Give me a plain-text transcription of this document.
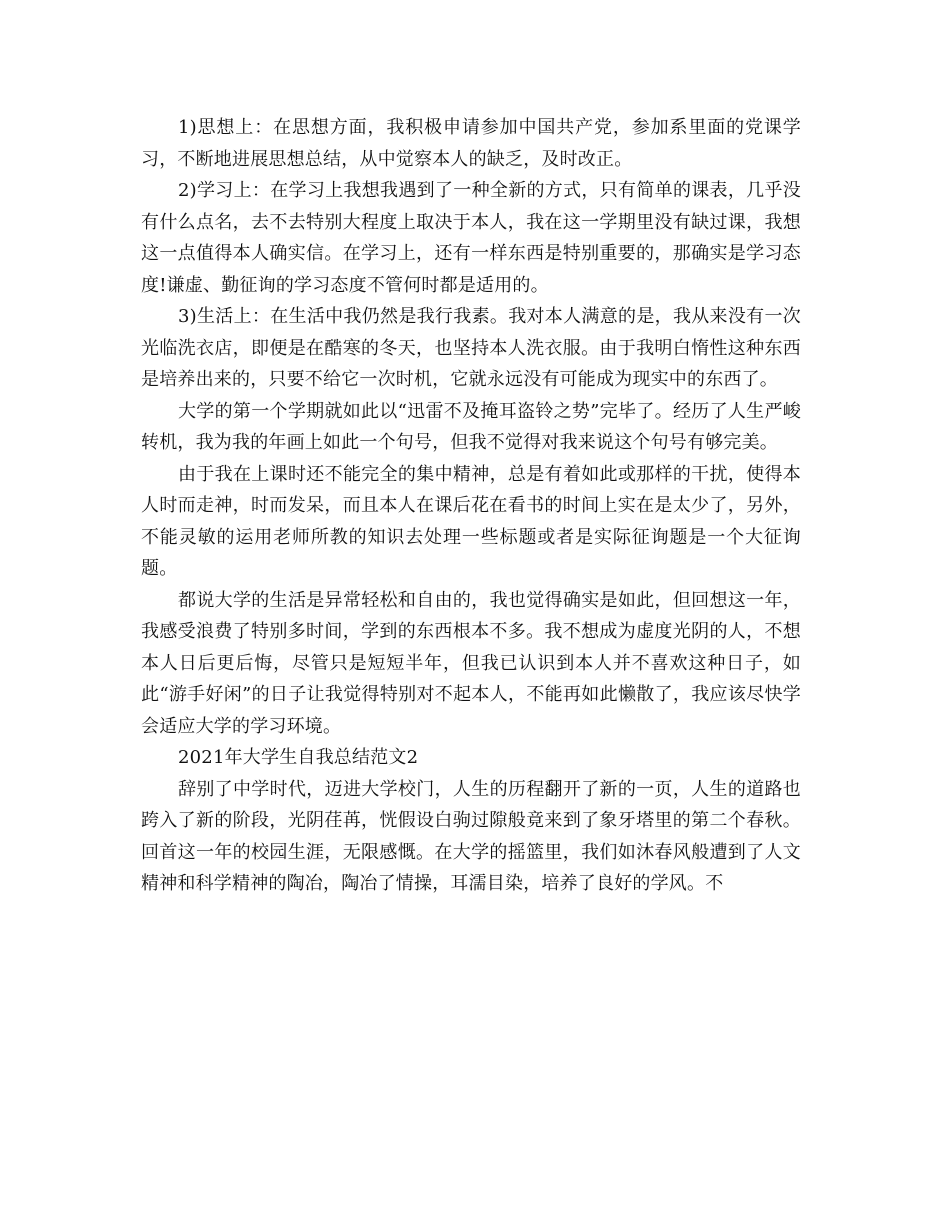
1)思想上：在思想方面，我积极申请参加中国共产党，参加系里面的党课学习，不断地进展思想总结，从中觉察本人的缺乏，及时改正。

2)学习上：在学习上我想我遇到了一种全新的方式，只有简单的课表，几乎没有什么点名，去不去特别大程度上取决于本人，我在这一学期里没有缺过课，我想这一点值得本人确实信。在学习上，还有一样东西是特别重要的，那确实是学习态度!谦虚、勤征询的学习态度不管何时都是适用的。

3)生活上：在生活中我仍然是我行我素。我对本人满意的是，我从来没有一次光临洗衣店，即便是在酷寒的冬天，也坚持本人洗衣服。由于我明白惰性这种东西是培养出来的，只要不给它一次时机，它就永远没有可能成为现实中的东西了。

大学的第一个学期就如此以“迅雷不及掩耳盗铃之势”完毕了。经历了人生严峻转机，我为我的年画上如此一个句号，但我不觉得对我来说这个句号有够完美。

由于我在上课时还不能完全的集中精神，总是有着如此或那样的干扰，使得本人时而走神，时而发呆，而且本人在课后花在看书的时间上实在是太少了，另外，不能灵敏的运用老师所教的知识去处理一些标题或者是实际征询题是一个大征询题。

都说大学的生活是异常轻松和自由的，我也觉得确实是如此，但回想这一年，我感受浪费了特别多时间，学到的东西根本不多。我不想成为虚度光阴的人，不想本人日后更后悔，尽管只是短短半年，但我已认识到本人并不喜欢这种日子，如此“游手好闲”的日子让我觉得特别对不起本人，不能再如此懒散了，我应该尽快学会适应大学的学习环境。

2021年大学生自我总结范文2

辞别了中学时代，迈进大学校门，人生的历程翻开了新的一页，人生的道路也跨入了新的阶段，光阴荏苒，恍假设白驹过隙般竟来到了象牙塔里的第二个春秋。回首这一年的校园生涯，无限感慨。在大学的摇篮里，我们如沐春风般遭到了人文精神和科学精神的陶冶，陶冶了情操，耳濡目染，培养了良好的学风。不
